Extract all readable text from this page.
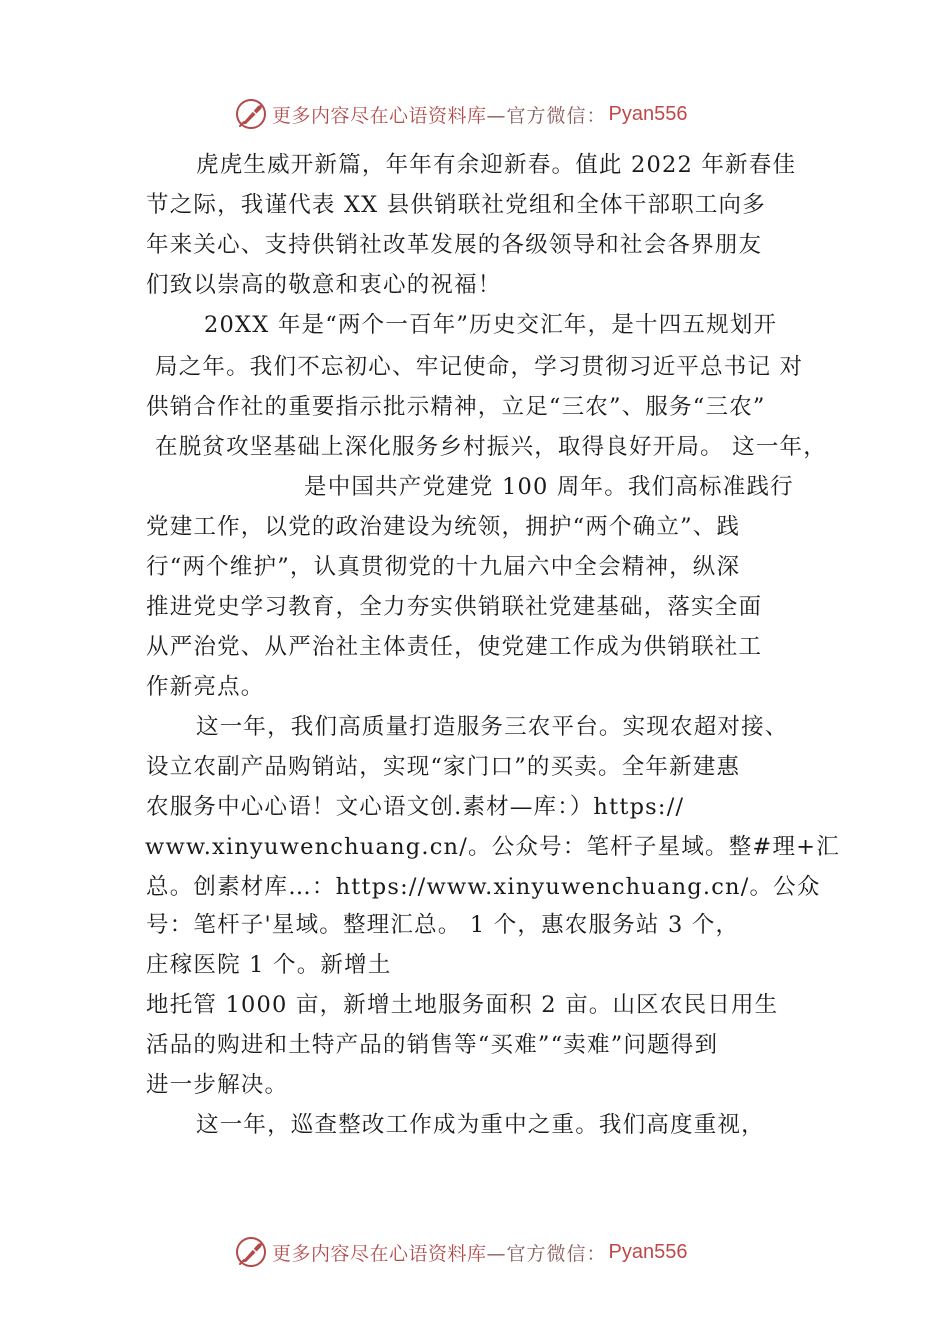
更多内容尽在心语资料库 —官方微信： Pyan556
虎虎生威开新篇，年年有余迎新春。值此 2022 年新春佳
节之际，我谨代表 XX 县供销联社党组和全体干部职工向多
年来关心、支持供销社改革发展的各级领导和社会各界朋友
们致以崇高的敬意和衷心的祝福！
20XX 年是“两个一百年”历史交汇年，是十四五规划开
局之年。我们不忘初心、牢记使命，学习贯彻习近平总书记 对
供销合作社的重要指示批示精神，立足“三农”、服务“三农”
在脱贫攻坚基础上深化服务乡村振兴，取得良好开局。 这一年，
是中国共产党建党 100 周年。我们高标准践行
党建工作，以党的政治建设为统领，拥护“两个确立”、践
行“两个维护”，认真贯彻党的十九届六中全会精神，纵深
推进党史学习教育，全力夯实供销联社党建基础，落实全面
从严治党、从严治社主体责任，使党建工作成为供销联社工
作新亮点。
这一年，我们高质量打造服务三农平台。实现农超对接、
设立农副产品购销站，实现“家门口”的买卖。全年新建惠
农服务中心心语！文心语文创.素材—库：）https://
www.xinyuwenchuang.cn/。公众号：笔杆子星域。整#理+汇
总。创素材库…：https://www.xinyuwenchuang.cn/。公众
号：笔杆子'星域。整理汇总。 1 个，惠农服务站 3 个，
庄稼医院 1 个。新增土
地托管 1000 亩，新增土地服务面积 2 亩。山区农民日用生
活品的购进和土特产品的销售等“买难”“卖难”问题得到
进一步解决。
这一年，巡查整改工作成为重中之重。我们高度重视，
更多内容尽在心语资料库 —官方微信： Pyan556
